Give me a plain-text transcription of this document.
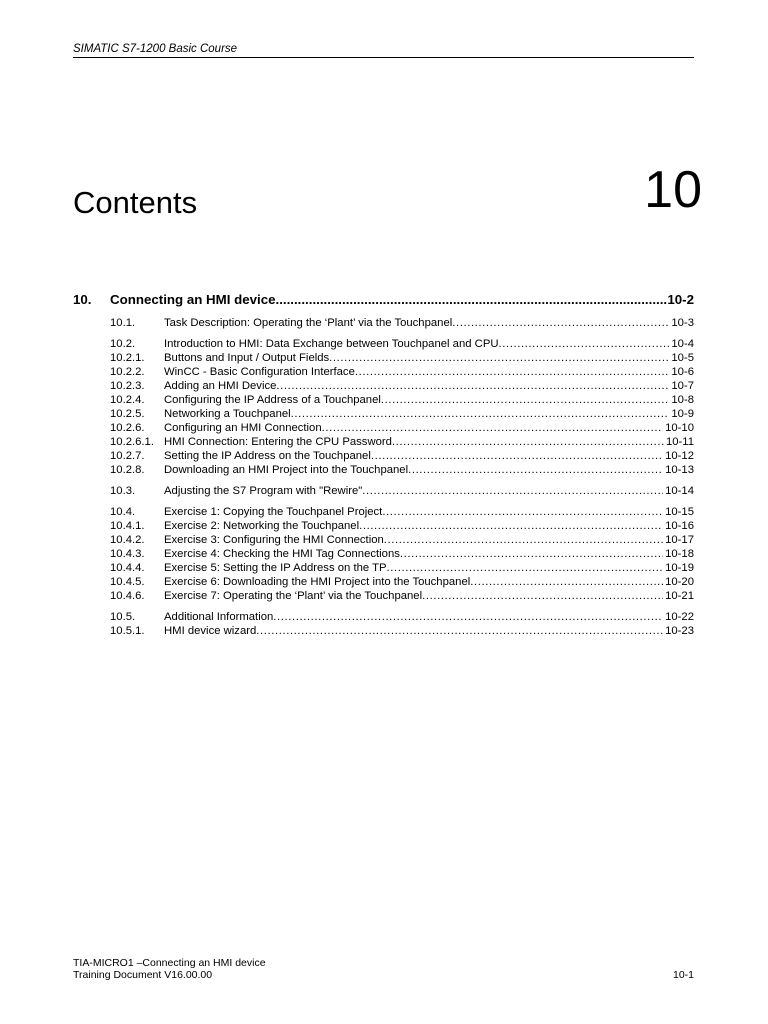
SIMATIC S7-1200 Basic Course
Contents	10
10.	Connecting an HMI device .....	10-2
10.1.	Task Description: Operating the ‘Plant’ via the Touchpanel .....	10-3
10.2.	Introduction to HMI: Data Exchange between Touchpanel and CPU .....	10-4
10.2.1.	Buttons and Input / Output Fields .....	10-5
10.2.2.	WinCC - Basic Configuration Interface .....	10-6
10.2.3.	Adding an HMI Device .....	10-7
10.2.4.	Configuring the IP Address of a Touchpanel .....	10-8
10.2.5.	Networking a Touchpanel .....	10-9
10.2.6.	Configuring an HMI Connection .....	10-10
10.2.6.1. HMI Connection: Entering the CPU Password .....	10-11
10.2.7.	Setting the IP Address on the Touchpanel .....	10-12
10.2.8.	Downloading an HMI Project into the Touchpanel .....	10-13
10.3.	Adjusting the S7 Program with "Rewire" .....	10-14
10.4.	Exercise 1: Copying the Touchpanel Project .....	10-15
10.4.1.	Exercise 2: Networking the Touchpanel .....	10-16
10.4.2.	Exercise 3: Configuring the HMI Connection .....	10-17
10.4.3.	Exercise 4: Checking the HMI Tag Connections .....	10-18
10.4.4.	Exercise 5: Setting the IP Address on the TP .....	10-19
10.4.5.	Exercise 6: Downloading the HMI Project into the Touchpanel .....	10-20
10.4.6.	Exercise 7: Operating the ‘Plant’ via the Touchpanel .....	10-21
10.5.	Additional Information .....	10-22
10.5.1.	HMI device wizard .....	10-23
TIA-MICRO1 –Connecting an HMI device
Training Document V16.00.00	10-1
